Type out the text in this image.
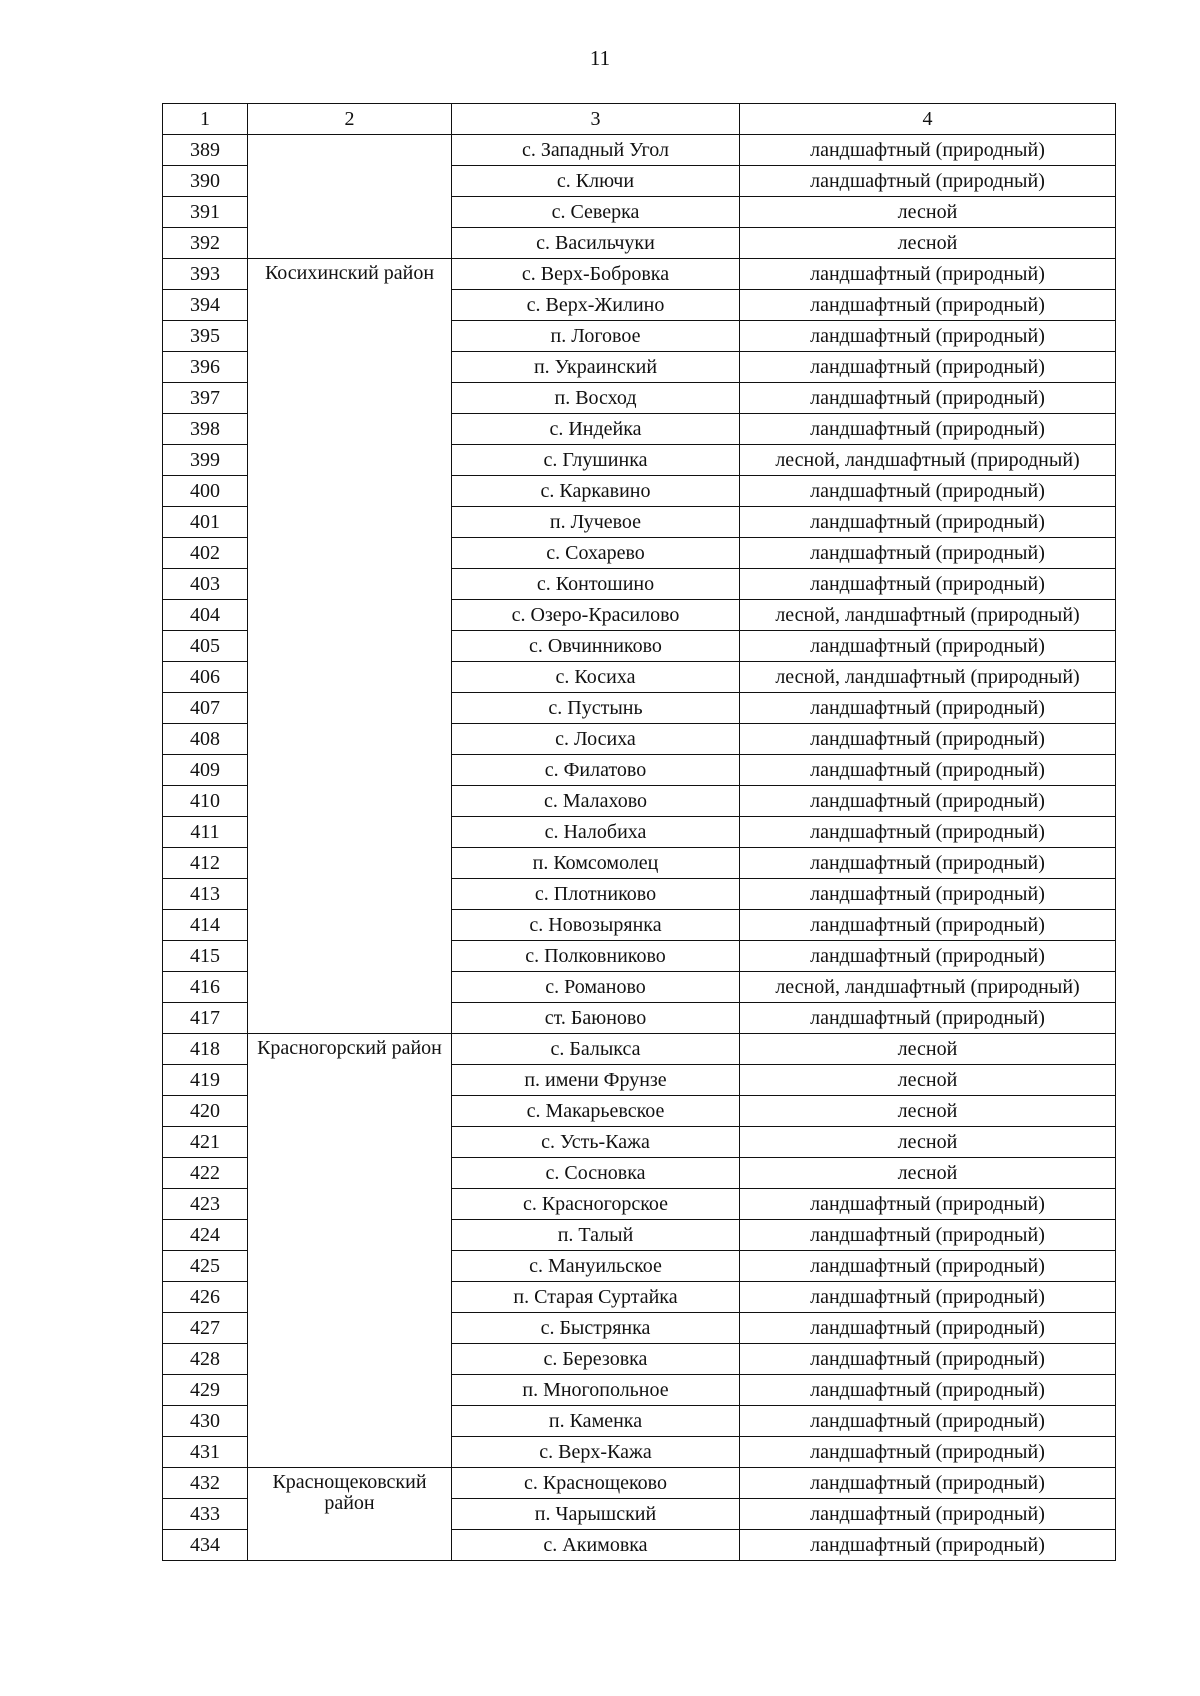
11
1	2	3	4
389		с. Западный Угол	ландшафтный (природный)
390		с. Ключи	ландшафтный (природный)
391		с. Северка	лесной
392		с. Васильчуки	лесной
393	Косихинский район	с. Верх-Бобровка	ландшафтный (природный)
394		с. Верх-Жилино	ландшафтный (природный)
395		п. Логовое	ландшафтный (природный)
396		п. Украинский	ландшафтный (природный)
397		п. Восход	ландшафтный (природный)
398		с. Индейка	ландшафтный (природный)
399		с. Глушинка	лесной, ландшафтный (природный)
400		с. Каркавино	ландшафтный (природный)
401		п. Лучевое	ландшафтный (природный)
402		с. Сохарево	ландшафтный (природный)
403		с. Контошино	ландшафтный (природный)
404		с. Озеро-Красилово	лесной, ландшафтный (природный)
405		с. Овчинниково	ландшафтный (природный)
406		с. Косиха	лесной, ландшафтный (природный)
407		с. Пустынь	ландшафтный (природный)
408		с. Лосиха	ландшафтный (природный)
409		с. Филатово	ландшафтный (природный)
410		с. Малахово	ландшафтный (природный)
411		с. Налобиха	ландшафтный (природный)
412		п. Комсомолец	ландшафтный (природный)
413		с. Плотниково	ландшафтный (природный)
414		с. Новозырянка	ландшафтный (природный)
415		с. Полковниково	ландшафтный (природный)
416		с. Романово	лесной, ландшафтный (природный)
417		ст. Баюново	ландшафтный (природный)
418	Красногорский район	с. Балыкса	лесной
419		п. имени Фрунзе	лесной
420		с. Макарьевское	лесной
421		с. Усть-Кажа	лесной
422		с. Сосновка	лесной
423		с. Красногорское	ландшафтный (природный)
424		п. Талый	ландшафтный (природный)
425		с. Мануильское	ландшафтный (природный)
426		п. Старая Суртайка	ландшафтный (природный)
427		с. Быстрянка	ландшафтный (природный)
428		с. Березовка	ландшафтный (природный)
429		п. Многопольное	ландшафтный (природный)
430		п. Каменка	ландшафтный (природный)
431		с. Верх-Кажа	ландшафтный (природный)
432	Краснощековский район	с. Краснощеково	ландшафтный (природный)
433		п. Чарышский	ландшафтный (природный)
434		с. Акимовка	ландшафтный (природный)
